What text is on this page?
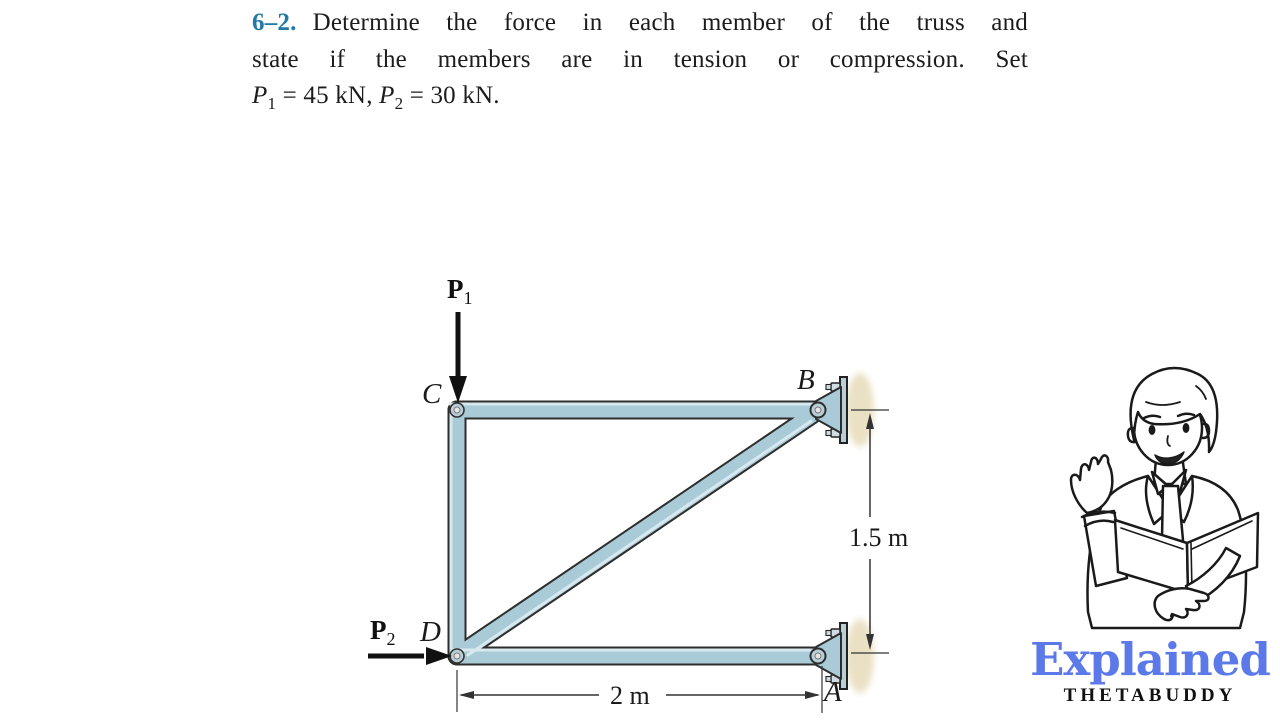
6–2. Determine the force in each member of the truss and
state if the members are in tension or compression. Set
$P_1 = 45$ kN, $P_2 = 30$ kN.
C	B
D
A
$P_1$
$P_2$
1.5 m
2 m
Explained
THETABUDDY
